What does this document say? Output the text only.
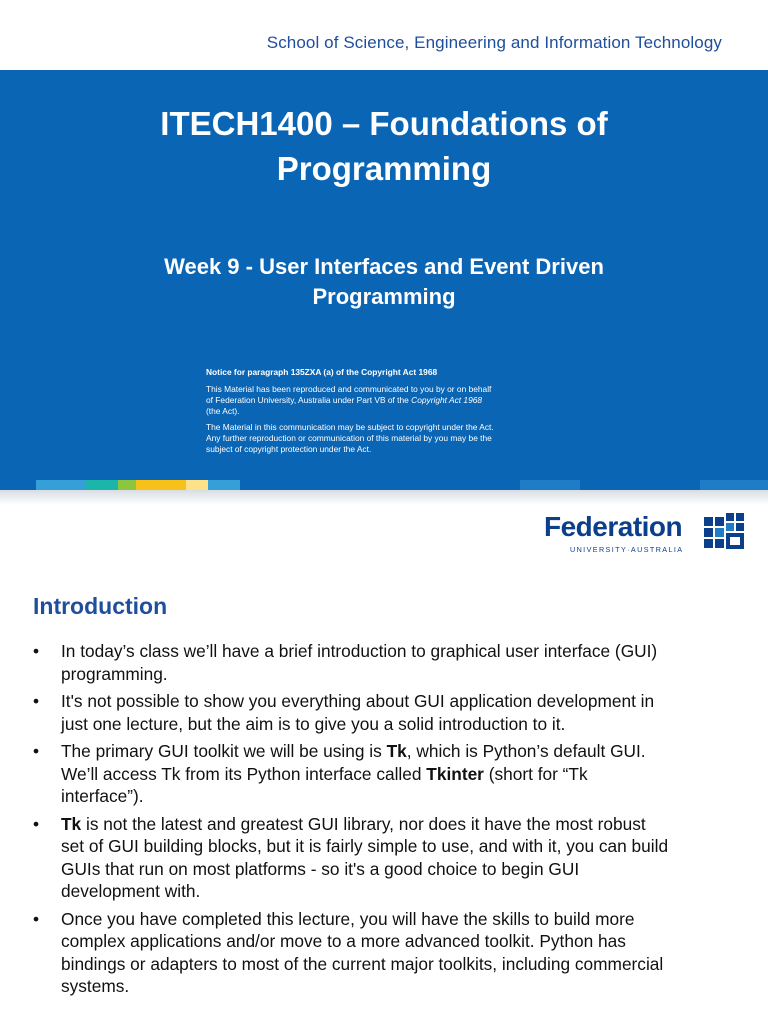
School of Science, Engineering and Information Technology
ITECH1400 – Foundations of
Programming
Week 9 - User Interfaces and Event Driven
Programming
Notice for paragraph 135ZXA (a) of the Copyright Act 1968

This Material has been reproduced and communicated to you by or on behalf
of Federation University, Australia under Part VB of the Copyright Act 1968
(the Act).

The Material in this communication may be subject to copyright under the Act.
Any further reproduction or communication of this material by you may be the
subject of copyright protection under the Act.

Federation
UNIVERSITY·AUSTRALIA
Introduction
• In today’s class we’ll have a brief introduction to graphical user interface (GUI)
programming.
• It's not possible to show you everything about GUI application development in
just one lecture, but the aim is to give you a solid introduction to it.
• The primary GUI toolkit we will be using is Tk, which is Python’s default GUI.
We’ll access Tk from its Python interface called Tkinter (short for “Tk
interface”).
• Tk is not the latest and greatest GUI library, nor does it have the most robust
set of GUI building blocks, but it is fairly simple to use, and with it, you can build
GUIs that run on most platforms - so it's a good choice to begin GUI
development with.
• Once you have completed this lecture, you will have the skills to build more
complex applications and/or move to a more advanced toolkit. Python has
bindings or adapters to most of the current major toolkits, including commercial
systems.
